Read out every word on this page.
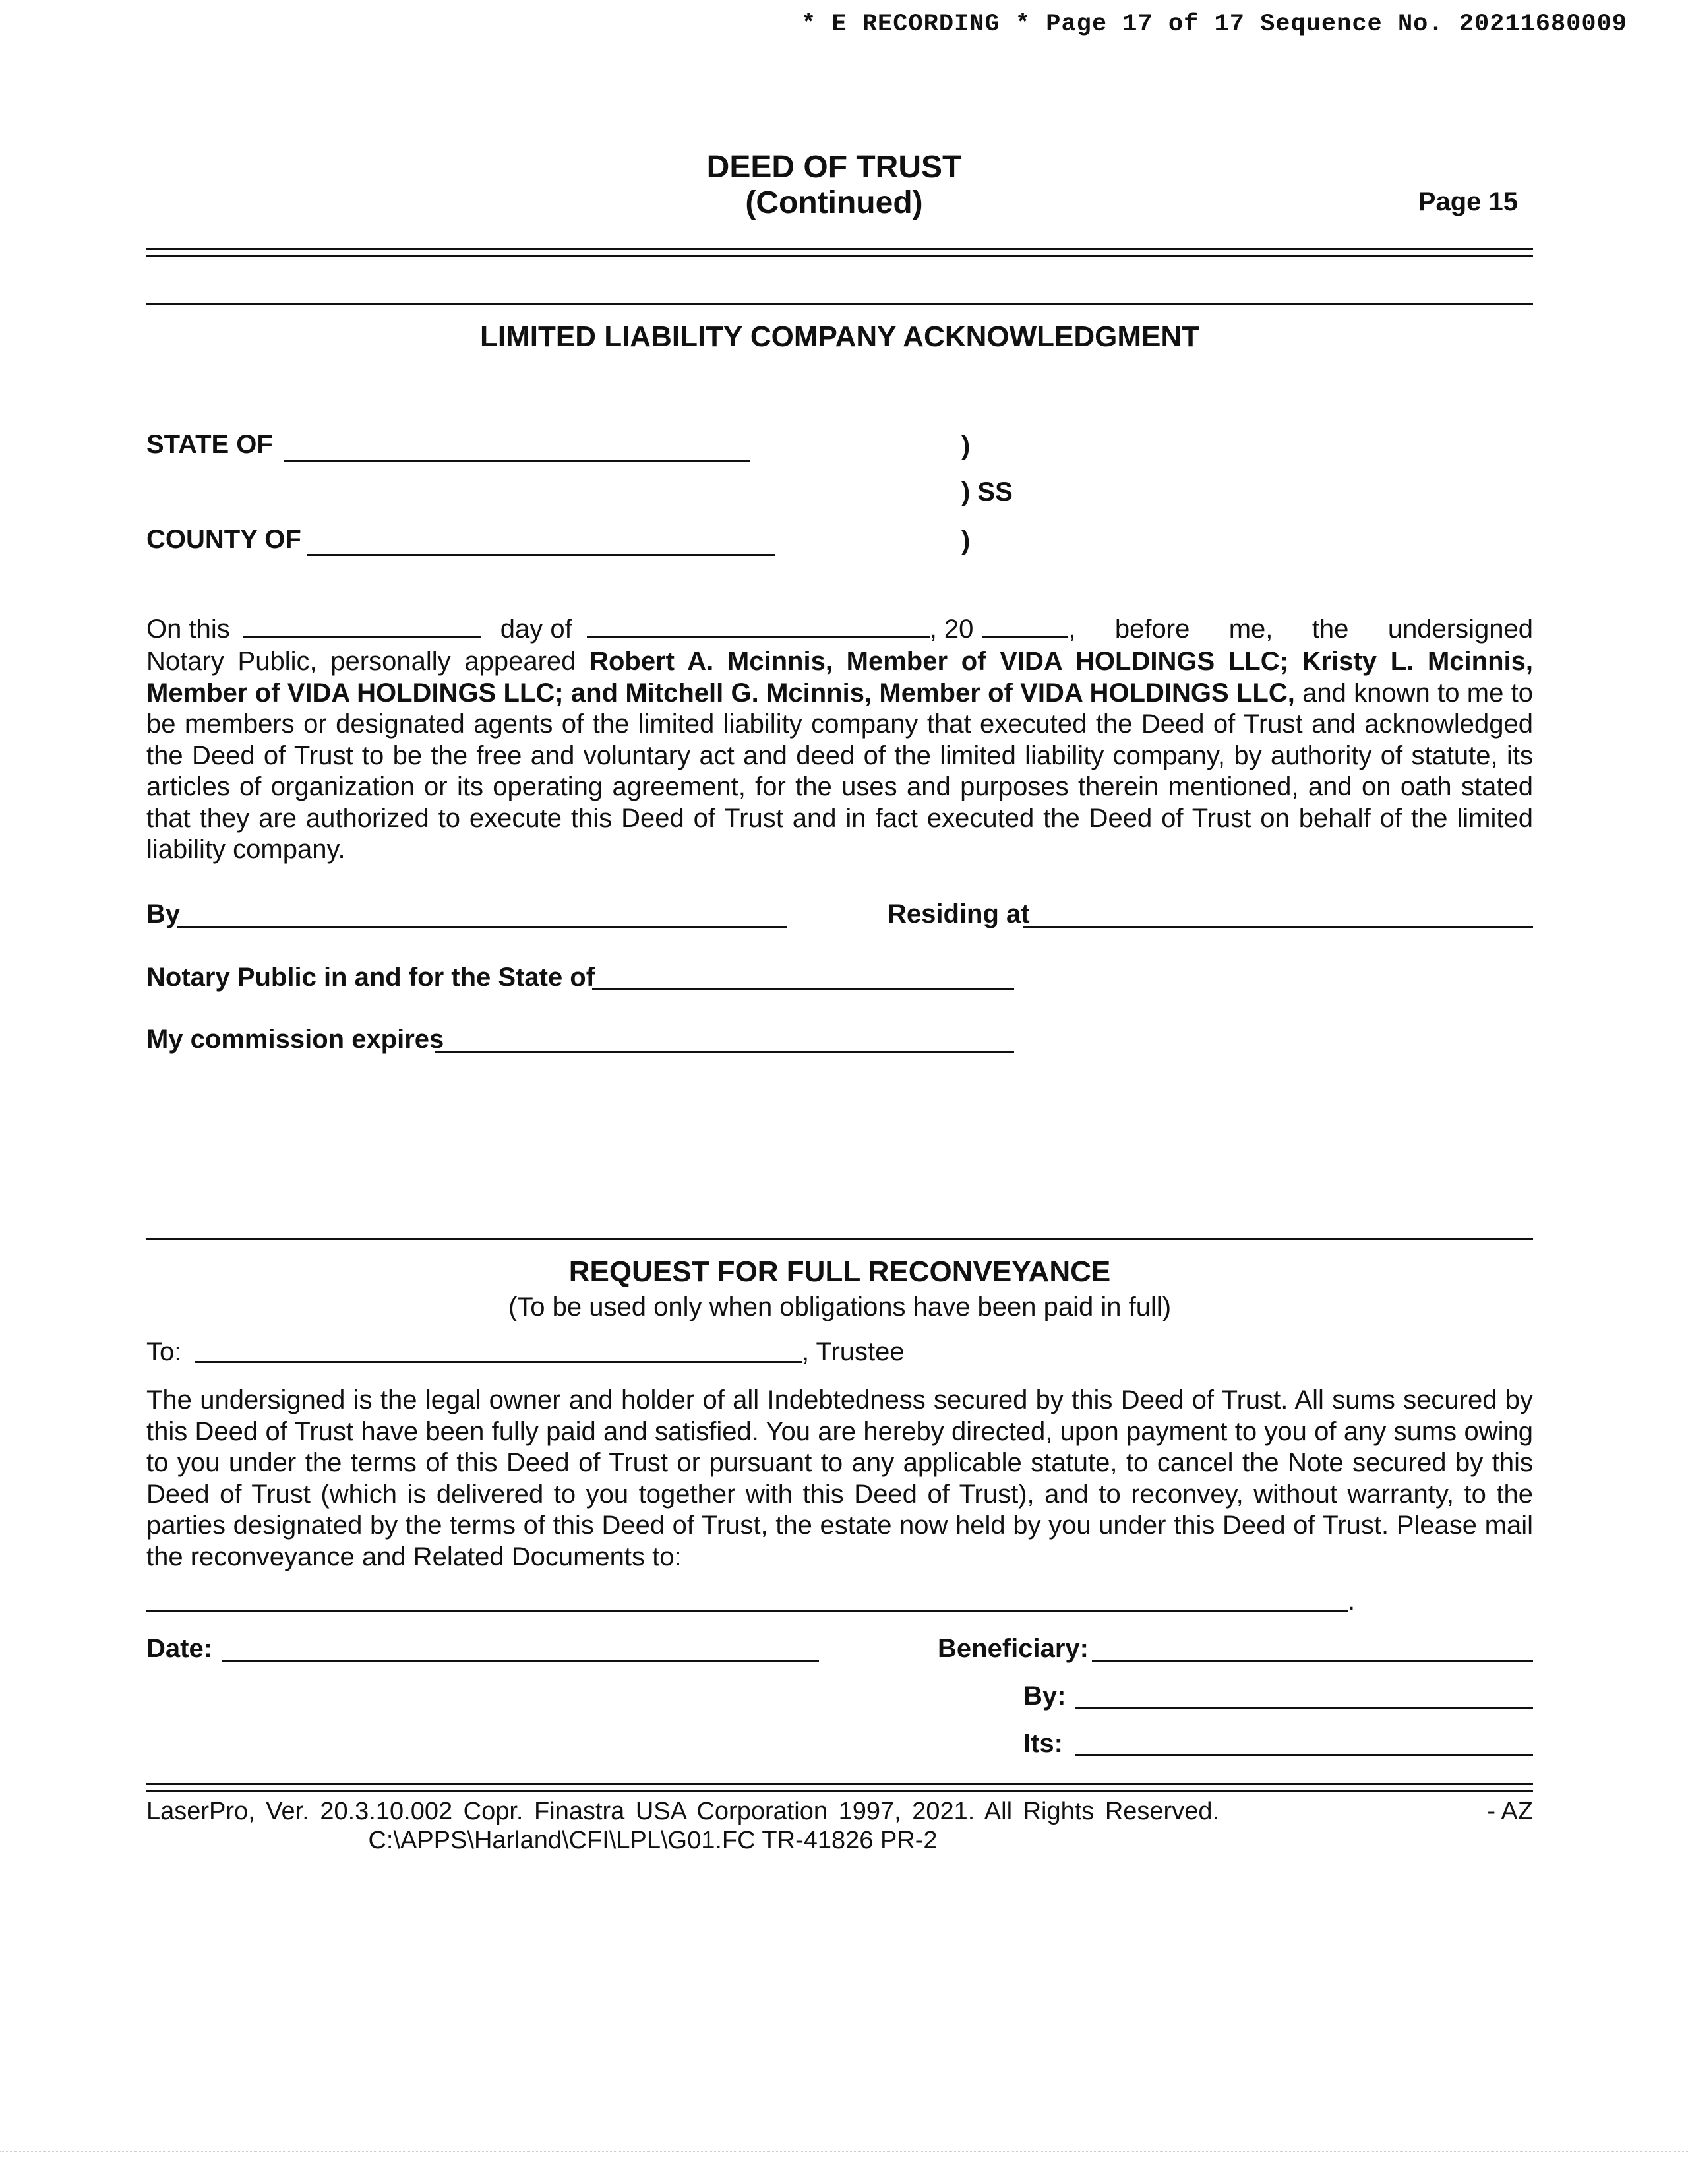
* E RECORDING * Page 17 of 17 Sequence No. 20211680009
DEED OF TRUST
(Continued)	Page 15
LIMITED LIABILITY COMPANY ACKNOWLEDGMENT
STATE OF	)
) SS
COUNTY OF	)
On this	day of	, 20	, before me, the undersigned
Notary Public, personally appeared Robert A. Mcinnis, Member of VIDA HOLDINGS LLC; Kristy L. Mcinnis, Member of VIDA HOLDINGS LLC; and Mitchell G. Mcinnis, Member of VIDA HOLDINGS LLC, and known to me to be members or designated agents of the limited liability company that executed the Deed of Trust and acknowledged the Deed of Trust to be the free and voluntary act and deed of the limited liability company, by authority of statute, its articles of organization or its operating agreement, for the uses and purposes therein mentioned, and on oath stated that they are authorized to execute this Deed of Trust and in fact executed the Deed of Trust on behalf of the limited liability company.
By	Residing at
Notary Public in and for the State of
My commission expires
REQUEST FOR FULL RECONVEYANCE
(To be used only when obligations have been paid in full)
To:	, Trustee
The undersigned is the legal owner and holder of all Indebtedness secured by this Deed of Trust. All sums secured by this Deed of Trust have been fully paid and satisfied. You are hereby directed, upon payment to you of any sums owing to you under the terms of this Deed of Trust or pursuant to any applicable statute, to cancel the Note secured by this Deed of Trust (which is delivered to you together with this Deed of Trust), and to reconvey, without warranty, to the parties designated by the terms of this Deed of Trust, the estate now held by you under this Deed of Trust. Please mail the reconveyance and Related Documents to:
.
Date:	Beneficiary:
By:
Its:
LaserPro, Ver. 20.3.10.002 Copr. Finastra USA Corporation 1997, 2021. All Rights Reserved.	- AZ
C:\APPS\Harland\CFI\LPL\G01.FC TR-41826 PR-2
